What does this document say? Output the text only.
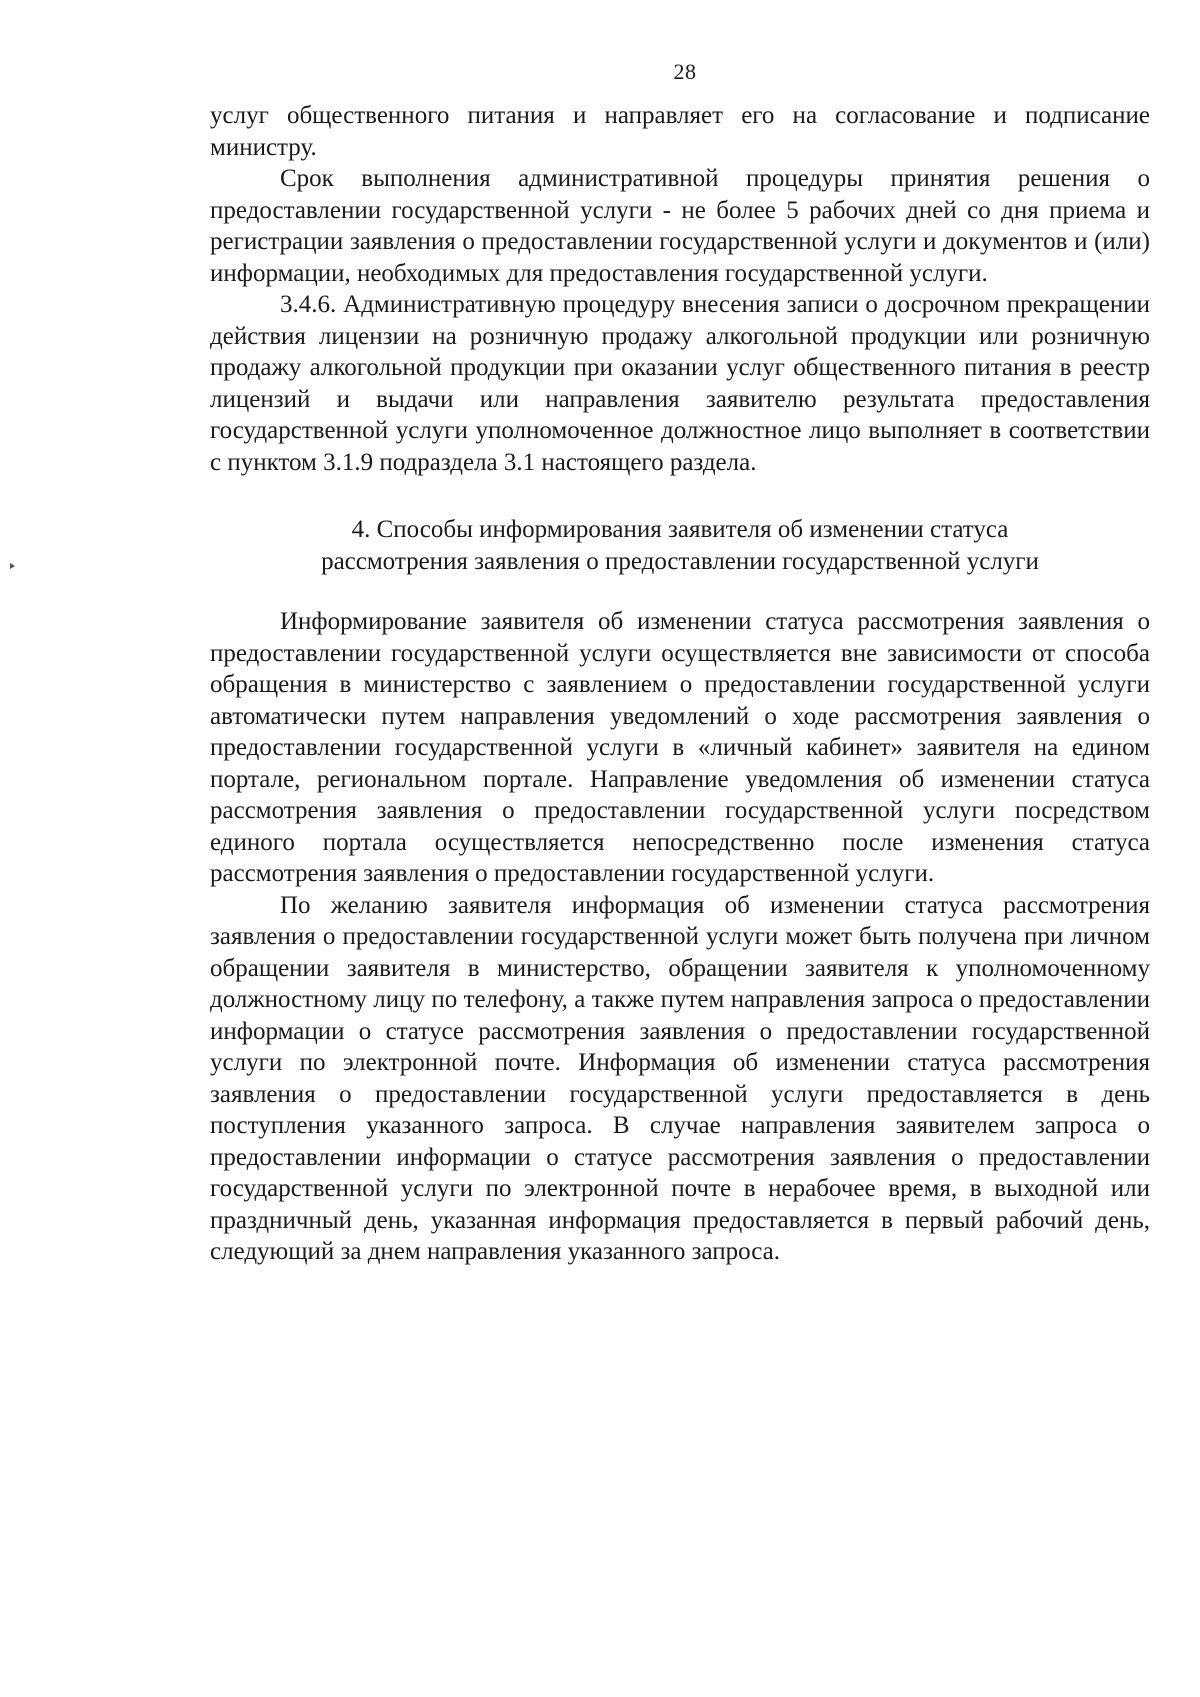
28

услуг общественного питания и направляет его на согласование и подписание министру.

Срок выполнения административной процедуры принятия решения о предоставлении государственной услуги - не более 5 рабочих дней со дня приема и регистрации заявления о предоставлении государственной услуги и документов и (или) информации, необходимых для предоставления государственной услуги.

3.4.6. Административную процедуру внесения записи о досрочном прекращении действия лицензии на розничную продажу алкогольной продукции или розничную продажу алкогольной продукции при оказании услуг общественного питания в реестр лицензий и выдачи или направления заявителю результата предоставления государственной услуги уполномоченное должностное лицо выполняет в соответствии с пунктом 3.1.9 подраздела 3.1 настоящего раздела.

4. Способы информирования заявителя об изменении статуса
рассмотрения заявления о предоставлении государственной услуги

Информирование заявителя об изменении статуса рассмотрения заявления о предоставлении государственной услуги осуществляется вне зависимости от способа обращения в министерство с заявлением о предоставлении государственной услуги автоматически путем направления уведомлений о ходе рассмотрения заявления о предоставлении государственной услуги в «личный кабинет» заявителя на едином портале, региональном портале. Направление уведомления об изменении статуса рассмотрения заявления о предоставлении государственной услуги посредством единого портала осуществляется непосредственно после изменения статуса рассмотрения заявления о предоставлении государственной услуги.

По желанию заявителя информация об изменении статуса рассмотрения заявления о предоставлении государственной услуги может быть получена при личном обращении заявителя в министерство, обращении заявителя к уполномоченному должностному лицу по телефону, а также путем направления запроса о предоставлении информации о статусе рассмотрения заявления о предоставлении государственной услуги по электронной почте. Информация об изменении статуса рассмотрения заявления о предоставлении государственной услуги предоставляется в день поступления указанного запроса. В случае направления заявителем запроса о предоставлении информации о статусе рассмотрения заявления о предоставлении государственной услуги по электронной почте в нерабочее время, в выходной или праздничный день, указанная информация предоставляется в первый рабочий день, следующий за днем направления указанного запроса.
